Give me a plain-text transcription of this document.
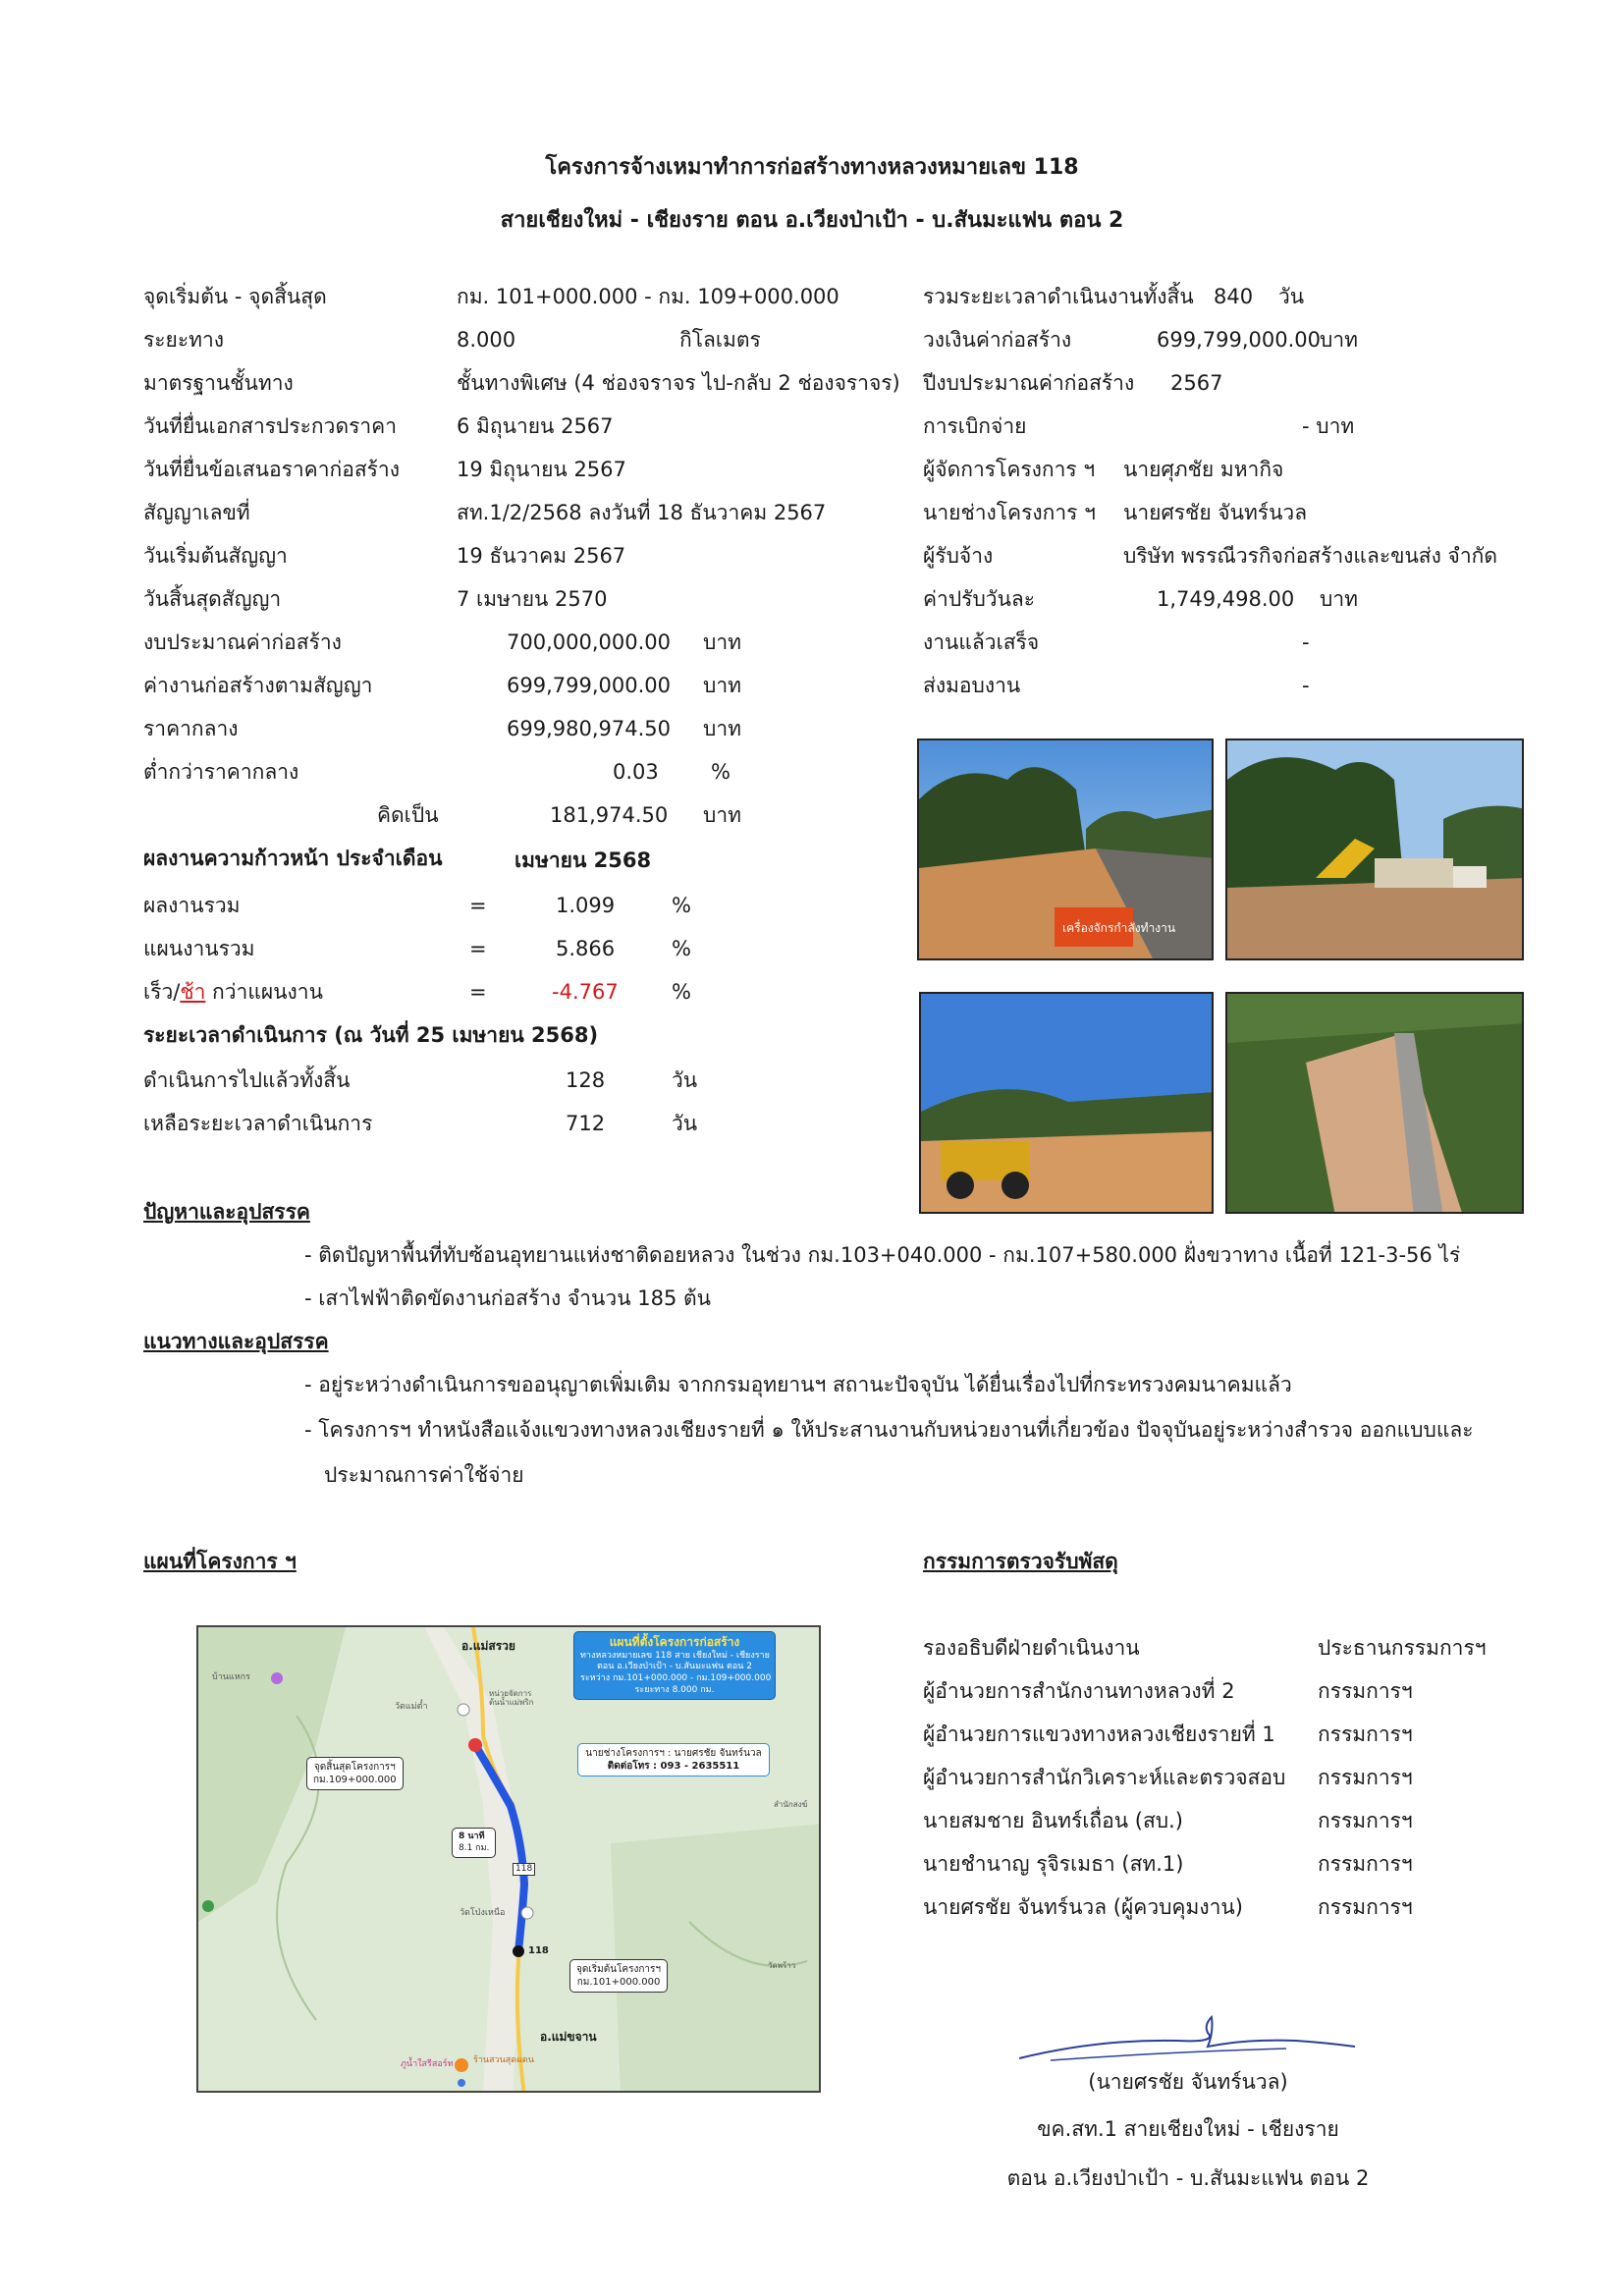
โครงการจ้างเหมาทำการก่อสร้างทางหลวงหมายเลข 118
สายเชียงใหม่ - เชียงราย ตอน อ.เวียงป่าเป้า - บ.สันมะแฟน ตอน 2
จุดเริ่มต้น - จุดสิ้นสุด	กม. 101+000.000 - กม. 109+000.000
ระยะทาง	8.000	กิโลเมตร
มาตรฐานชั้นทาง	ชั้นทางพิเศษ (4 ช่องจราจร ไป-กลับ 2 ช่องจราจร)
วันที่ยื่นเอกสารประกวดราคา	6 มิถุนายน 2567
วันที่ยื่นข้อเสนอราคาก่อสร้าง	19 มิถุนายน 2567
สัญญาเลขที่	สท.1/2/2568 ลงวันที่ 18 ธันวาคม 2567
วันเริ่มต้นสัญญา	19 ธันวาคม 2567
วันสิ้นสุดสัญญา	7 เมษายน 2570
รวมระยะเวลาดำเนินงานทั้งสิ้น 840 วัน
วงเงินค่าก่อสร้าง	699,799,000.00 บาท
ปีงบประมาณค่าก่อสร้าง 2567
การเบิกจ่าย	- บาท
ผู้จัดการโครงการ ฯ นายศุภชัย มหากิจ
นายช่างโครงการ ฯ นายศรชัย จันทร์นวล
ผู้รับจ้าง	บริษัท พรรณีวรกิจก่อสร้างและขนส่ง จำกัด
ค่าปรับวันละ	1,749,498.00 บาท
งานแล้วเสร็จ	-
ส่งมอบงาน	-
งบประมาณค่าก่อสร้าง	700,000,000.00 บาท
ค่างานก่อสร้างตามสัญญา	699,799,000.00 บาท
ราคากลาง	699,980,974.50 บาท
ต่ำกว่าราคากลาง	0.03	%
คิดเป็น	181,974.50 บาท
ผลงานความก้าวหน้า ประจำเดือน	เมษายน 2568
ผลงานรวม	=	1.099	%
แผนงานรวม	=	5.866	%
เร็ว/ช้า กว่าแผนงาน	=	-4.767	%
ระยะเวลาดำเนินการ (ณ วันที่ 25 เมษายน 2568)
ดำเนินการไปแล้วทั้งสิ้น	128	วัน
เหลือระยะเวลาดำเนินการ	712	วัน
เครื่องจักรกำลังทำงาน
ปัญหาและอุปสรรค
- ติดปัญหาพื้นที่ทับซ้อนอุทยานแห่งชาติดอยหลวง ในช่วง กม.103+040.000 - กม.107+580.000 ฝั่งขวาทาง เนื้อที่ 121-3-56 ไร่
- เสาไฟฟ้าติดขัดงานก่อสร้าง จำนวน 185 ต้น
แนวทางและอุปสรรค
- อยู่ระหว่างดำเนินการขออนุญาตเพิ่มเติม จากกรมอุทยานฯ สถานะปัจจุบัน ได้ยื่นเรื่องไปที่กระทรวงคมนาคมแล้ว
- โครงการฯ ทำหนังสือแจ้งแขวงทางหลวงเชียงรายที่ ๑ ให้ประสานงานกับหน่วยงานที่เกี่ยวข้อง ปัจจุบันอยู่ระหว่างสำรวจ ออกแบบและ
ประมาณการค่าใช้จ่าย
แผนที่โครงการ ฯ
แผนที่ตั้งโครงการก่อสร้าง
ทางหลวงหมายเลข 118 สาย เชียงใหม่ - เชียงราย
ตอน อ.เวียงป่าเป้า - บ.สันมะแฟน ตอน 2
ระหว่าง กม.101+000.000 - กม.109+000.000
ระยะทาง 8.000 กม.
นายช่างโครงการฯ : นายศรชัย จันทร์นวล
ติดต่อโทร : 093 - 2635511
จุดสิ้นสุดโครงการฯ
กม.109+000.000
จุดเริ่มต้นโครงการฯ
กม.101+000.000
8 นาที
8.1 กม.
อ.แม่สรวย
อ.แม่ขจาน
118
118
บ้านแหกร
วัดแม่ต๋ำ
หน่วยจัดการต้นน้ำแม่พริก
วัดโป่งเหนือ
ภูน้ำใสรีสอร์ท ร้านสวนสุดแดน
สำนักสงฆ์
วัดพร้าว
กรรมการตรวจรับพัสดุ
รองอธิบดีฝ่ายดำเนินงาน	ประธานกรรมการฯ
ผู้อำนวยการสำนักงานทางหลวงที่ 2	กรรมการฯ
ผู้อำนวยการแขวงทางหลวงเชียงรายที่ 1 กรรมการฯ
ผู้อำนวยการสำนักวิเคราะห์และตรวจสอบ กรรมการฯ
นายสมชาย อินทร์เถื่อน (สบ.)	กรรมการฯ
นายชำนาญ รุจิรเมธา (สท.1)	กรรมการฯ
นายศรชัย จันทร์นวล (ผู้ควบคุมงาน)	กรรมการฯ
(นายศรชัย จันทร์นวล)
ขค.สท.1 สายเชียงใหม่ - เชียงราย
ตอน อ.เวียงป่าเป้า - บ.สันมะแฟน ตอน 2
